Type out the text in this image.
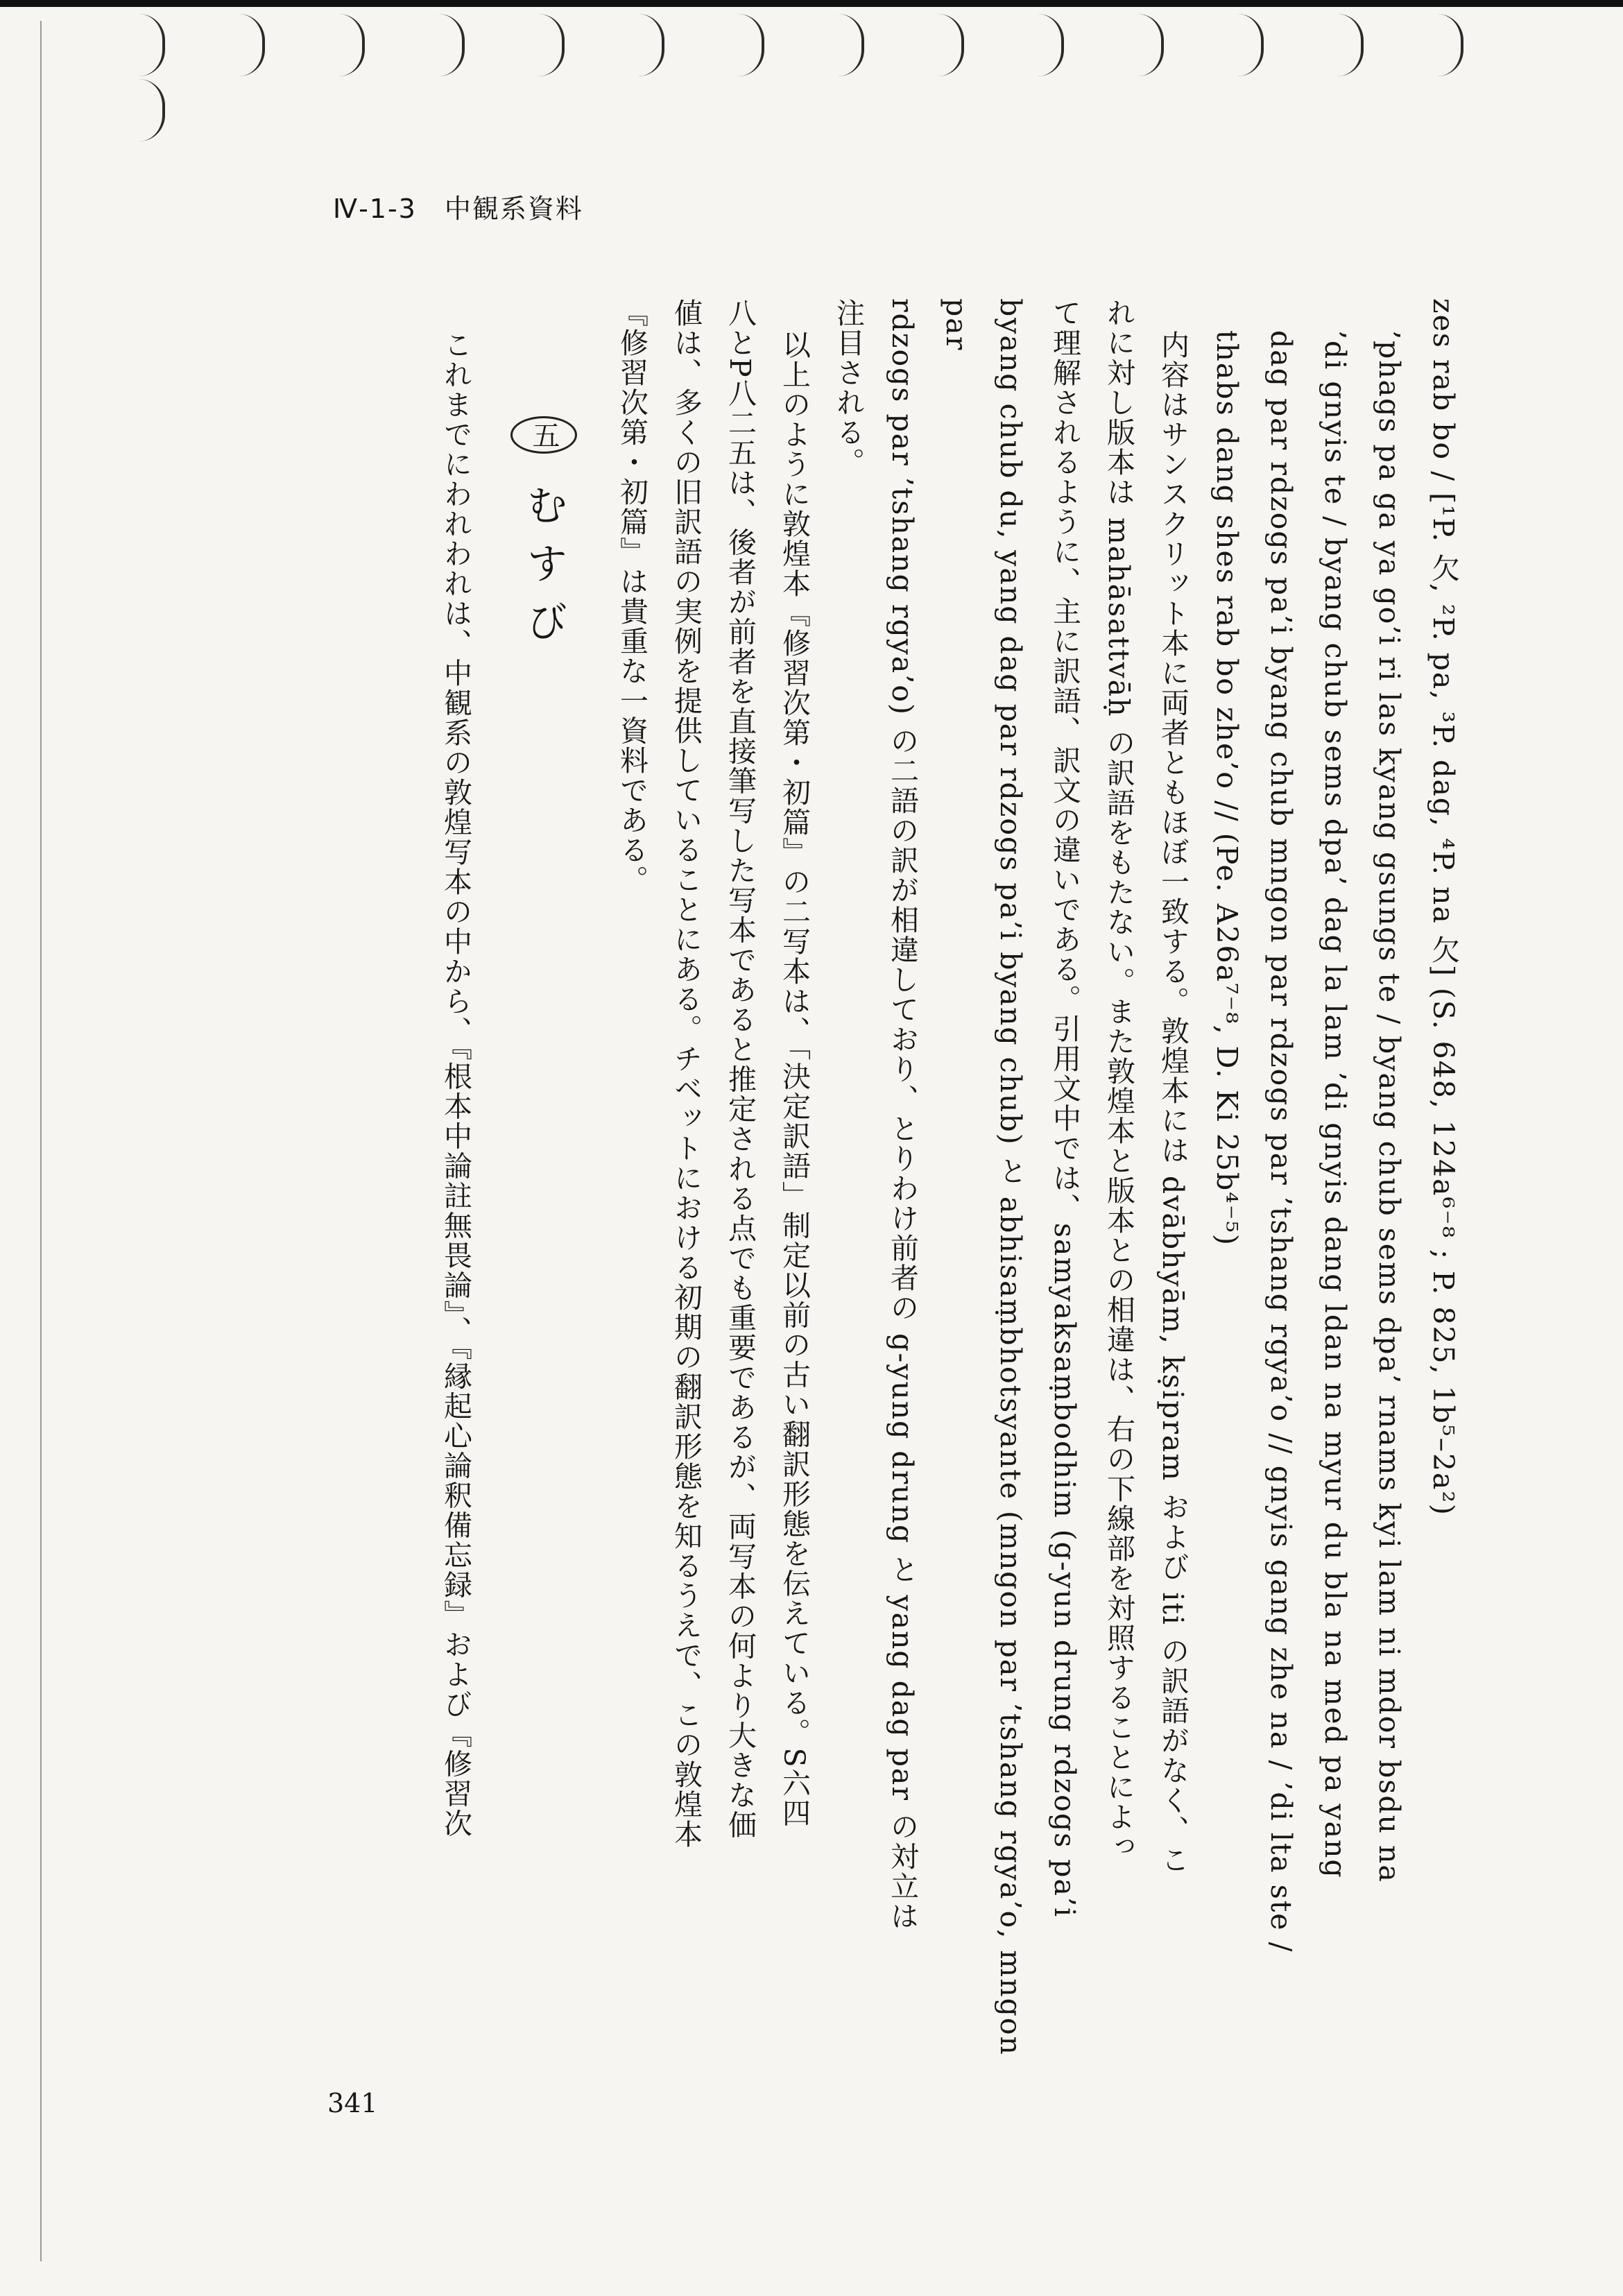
Ⅳ-1-3　中観系資料

zes rab bo / [¹P. 欠, ²P. pa, ³P. dag, ⁴P. na 欠] (S. 648, 124a⁶⁻⁸ ; P. 825, 1b⁵–2a²)

’phags pa ga ya go’i ri las kyang gsungs te / byang chub sems dpa’ rnams kyi lam ni mdor bsdu na

’di gnyis te / byang chub sems dpa’ dag la lam ’di gnyis dang ldan na myur du bla na med pa yang

dag par rdzogs pa’i byang chub mngon par rdzogs par ’tshang rgya’o // gnyis gang zhe na / ’di lta ste /

thabs dang shes rab bo zhe’o // (Pe. A26a⁷⁻⁸, D. Ki 25b⁴⁻⁵)

内容はサンスクリット本に両者ともほぼ一致する。敦煌本には dvābhyām, kṣipram および iti の訳語がなく、こ

れに対し版本は mahāsattvāḥ の訳語をもたない。また敦煌本と版本との相違は、右の下線部を対照することによっ

て理解されるように、主に訳語、訳文の違いである。引用文中では、samyaksaṃbodhim (g-yun drung rdzogs pa’i

byang chub du, yang dag par rdzogs pa’i byang chub) と abhisaṃbhotsyante (mngon par ’tshang rgya’o, mngon par

rdzogs par ’tshang rgya’o) の二語の訳が相違しており、とりわけ前者の g-yung drung と yang dag par の対立は

注目される。

以上のように敦煌本『修習次第・初篇』の二写本は、「決定訳語」制定以前の古い翻訳形態を伝えている。S六四

八とP八二五は、後者が前者を直接筆写した写本であると推定される点でも重要であるが、両写本の何より大きな価

値は、多くの旧訳語の実例を提供していることにある。チベットにおける初期の翻訳形態を知るうえで、この敦煌本

『修習次第・初篇』は貴重な一資料である。

五 むすび

これまでにわれわれは、中観系の敦煌写本の中から、『根本中論註無畏論』、『縁起心論釈備忘録』および『修習次

341
